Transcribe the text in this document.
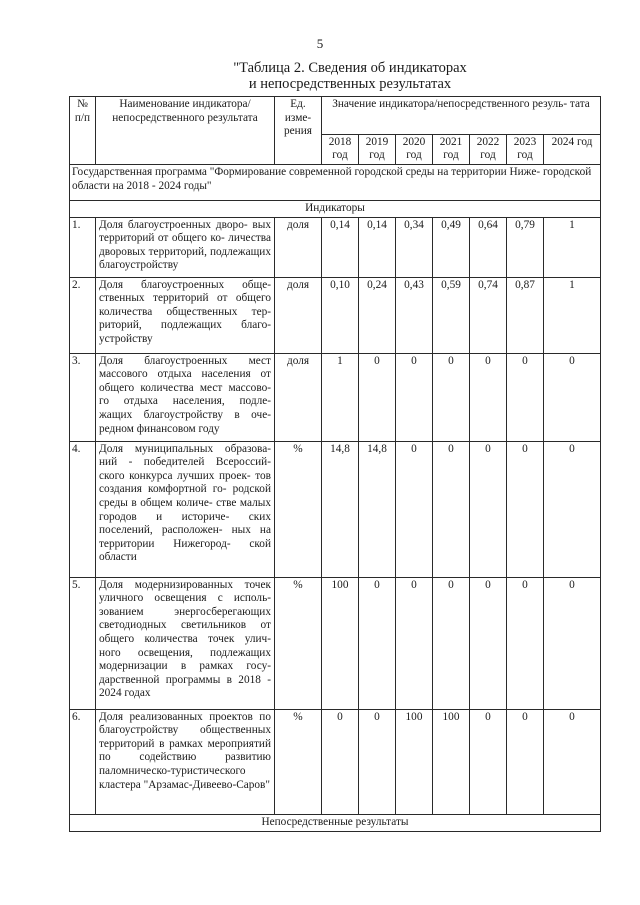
5
"Таблица 2. Сведения об индикаторах
и непосредственных результатах
№ п/п	Наименование индикатора/ непосредственного результата	Ед. изме- рения	Значение индикатора/непосредственного резуль- тата						
			2018 год	2019 год	2020 год	2021 год	2022 год	2023 год	2024 год
Государственная программа "Формирование современной городской среды на территории Ниже- городской области на 2018 - 2024 годы"									
Индикаторы									
1.	Доля благоустроенных дворо- вых территорий от общего ко- личества дворовых территорий, подлежащих благоустройству	доля	0,14	0,14	0,34	0,49	0,64	0,79	1
2.	Доля благоустроенных обще- ственных территорий от общего количества общественных тер- риторий, подлежащих благо- устройству	доля	0,10	0,24	0,43	0,59	0,74	0,87	1
3.	Доля благоустроенных мест массового отдыха населения от общего количества мест массово- го отдыха населения, подле- жащих благоустройству в оче- редном финансовом году	доля	1	0	0	0	0	0	0
4.	Доля муниципальных образова- ний - победителей Всероссий- ского конкурса лучших проек- тов создания комфортной го- родской среды в общем количе- стве малых городов и историче- ских поселений, расположен- ных на территории Нижегород- ской области	%	14,8	14,8	0	0	0	0	0
5.	Доля модернизированных точек уличного освещения с исполь- зованием энергосберегающих светодиодных светильников от общего количества точек улич- ного освещения, подлежащих модернизации в рамках госу- дарственной программы в 2018 - 2024 годах	%	100	0	0	0	0	0	0
6.	Доля реализованных проектов по благоустройству общественных территорий в рамках мероприятий по содействию развитию паломническо-туристического кластера "Арзамас-Дивеево-Саров"	%	0	0	100	100	0	0	0
Непосредственные результаты									
